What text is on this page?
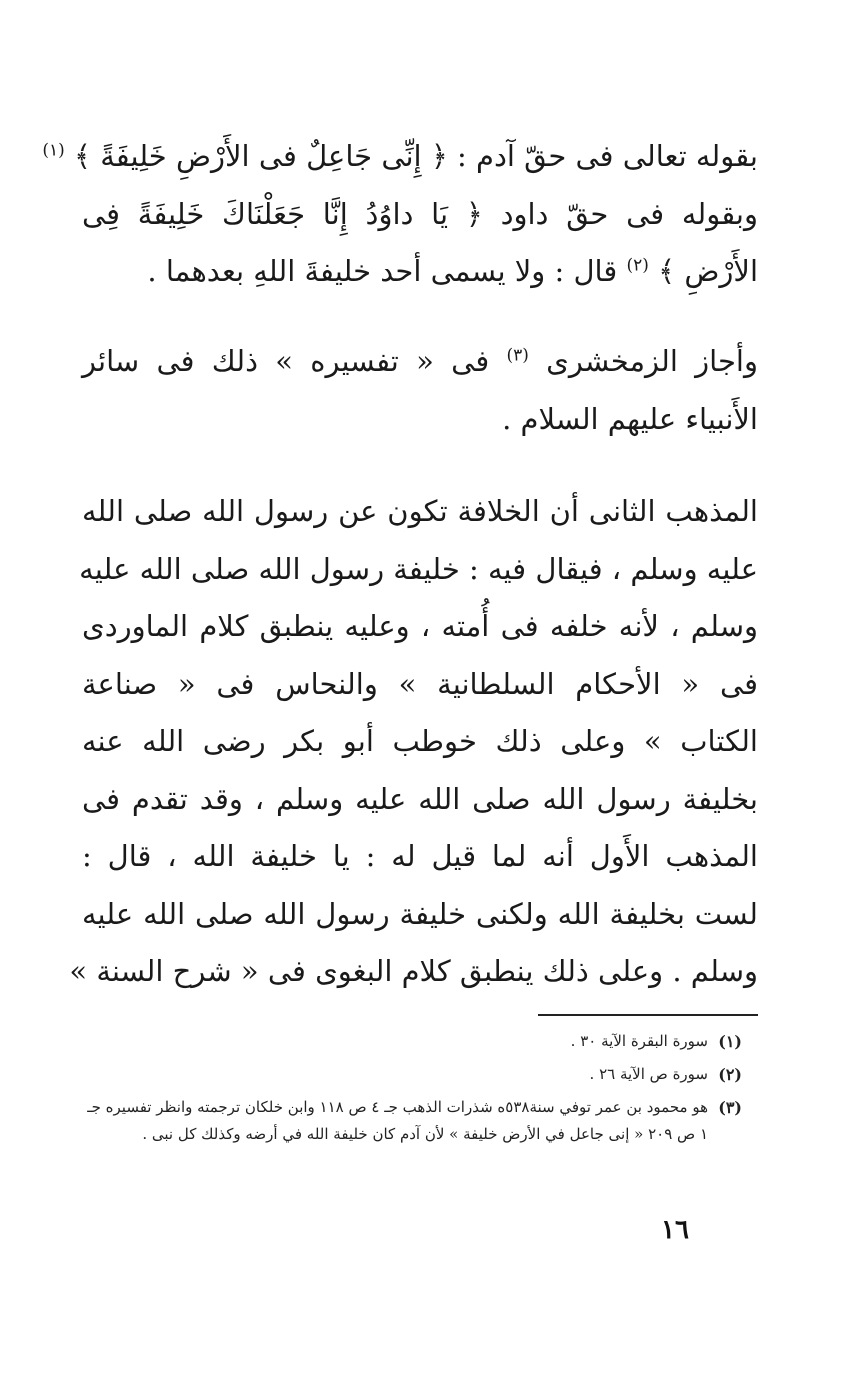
بقوله تعالى فى حقّ آدم : ﴿ إِنِّى جَاعِلٌ فى الأَرْضِ خَلِيفَةً ﴾ $^{(١)}$
وبقوله فى حقّ داود ﴿ يَا داوُدُ إِنَّا جَعَلْنَاكَ خَلِيفَةً فِى
الأَرْضِ ﴾ $^{(٢)}$ قال : ولا يسمى أحد خليفةَ اللهِ بعدهما .
وأجاز الزمخشرى $^{(٣)}$ فى « تفسيره » ذلك فى سائر
الأَنبياء عليهم السلام .
المذهب الثانى أن الخلافة تكون عن رسول الله صلى الله
عليه وسلم ، فيقال فيه : خليفة رسول الله صلى الله عليه
وسلم ، لأنه خلفه فى أُمته ، وعليه ينطبق كلام الماوردى
فى « الأحكام السلطانية » والنحاس فى « صناعة
الكتاب » وعلى ذلك خوطب أبو بكر رضى الله عنه
بخليفة رسول الله صلى الله عليه وسلم ، وقد تقدم فى
المذهب الأَول أنه لما قيل له : يا خليفة الله ، قال :
لست بخليفة الله ولكنى خليفة رسول الله صلى الله عليه
وسلم . وعلى ذلك ينطبق كلام البغوى فى « شرح السنة »
(١)
سورة البقرة الآية ٣٠ .
(٢)
سورة ص الآية ٢٦ .
(٣)
هو محمود بن عمر توفي سنة٥٣٨ه شذرات الذهب جـ ٤ ص ١١٨ وابن خلكان ترجمته وانظر تفسيره جـ ١ ص ٢٠٩ « إنى جاعل في الأرض خليفة » لأن آدم كان خليفة الله في أرضه وكذلك كل نبى .
١٦
